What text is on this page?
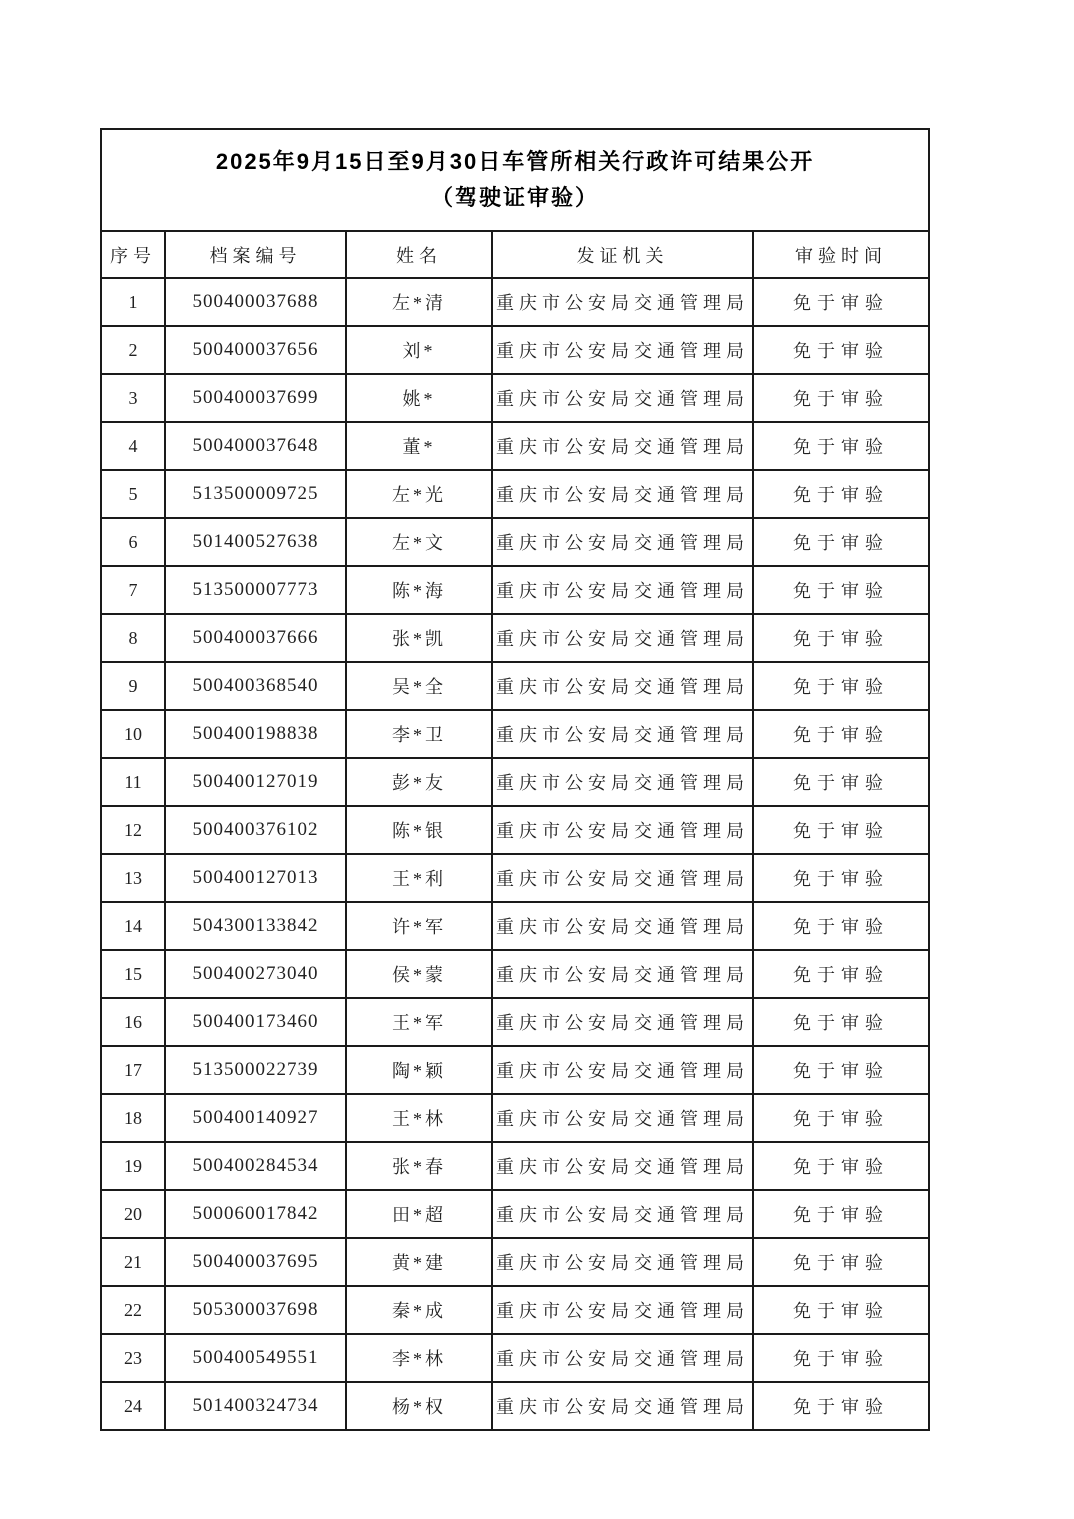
2025年9月15日至9月30日车管所相关行政许可结果公开
（驾驶证审验）				

序号	档案编号	姓名	发证机关	审验时间
1	500400037688	左*清	重庆市公安局交通管理局	免于审验
2	500400037656	刘*	重庆市公安局交通管理局	免于审验
3	500400037699	姚*	重庆市公安局交通管理局	免于审验
4	500400037648	董*	重庆市公安局交通管理局	免于审验
5	513500009725	左*光	重庆市公安局交通管理局	免于审验
6	501400527638	左*文	重庆市公安局交通管理局	免于审验
7	513500007773	陈*海	重庆市公安局交通管理局	免于审验
8	500400037666	张*凯	重庆市公安局交通管理局	免于审验
9	500400368540	吴*全	重庆市公安局交通管理局	免于审验
10	500400198838	李*卫	重庆市公安局交通管理局	免于审验
11	500400127019	彭*友	重庆市公安局交通管理局	免于审验
12	500400376102	陈*银	重庆市公安局交通管理局	免于审验
13	500400127013	王*利	重庆市公安局交通管理局	免于审验
14	504300133842	许*军	重庆市公安局交通管理局	免于审验
15	500400273040	侯*蒙	重庆市公安局交通管理局	免于审验
16	500400173460	王*军	重庆市公安局交通管理局	免于审验
17	513500022739	陶*颖	重庆市公安局交通管理局	免于审验
18	500400140927	王*林	重庆市公安局交通管理局	免于审验
19	500400284534	张*春	重庆市公安局交通管理局	免于审验
20	500060017842	田*超	重庆市公安局交通管理局	免于审验
21	500400037695	黄*建	重庆市公安局交通管理局	免于审验
22	505300037698	秦*成	重庆市公安局交通管理局	免于审验
23	500400549551	李*林	重庆市公安局交通管理局	免于审验
24	501400324734	杨*权	重庆市公安局交通管理局	免于审验
